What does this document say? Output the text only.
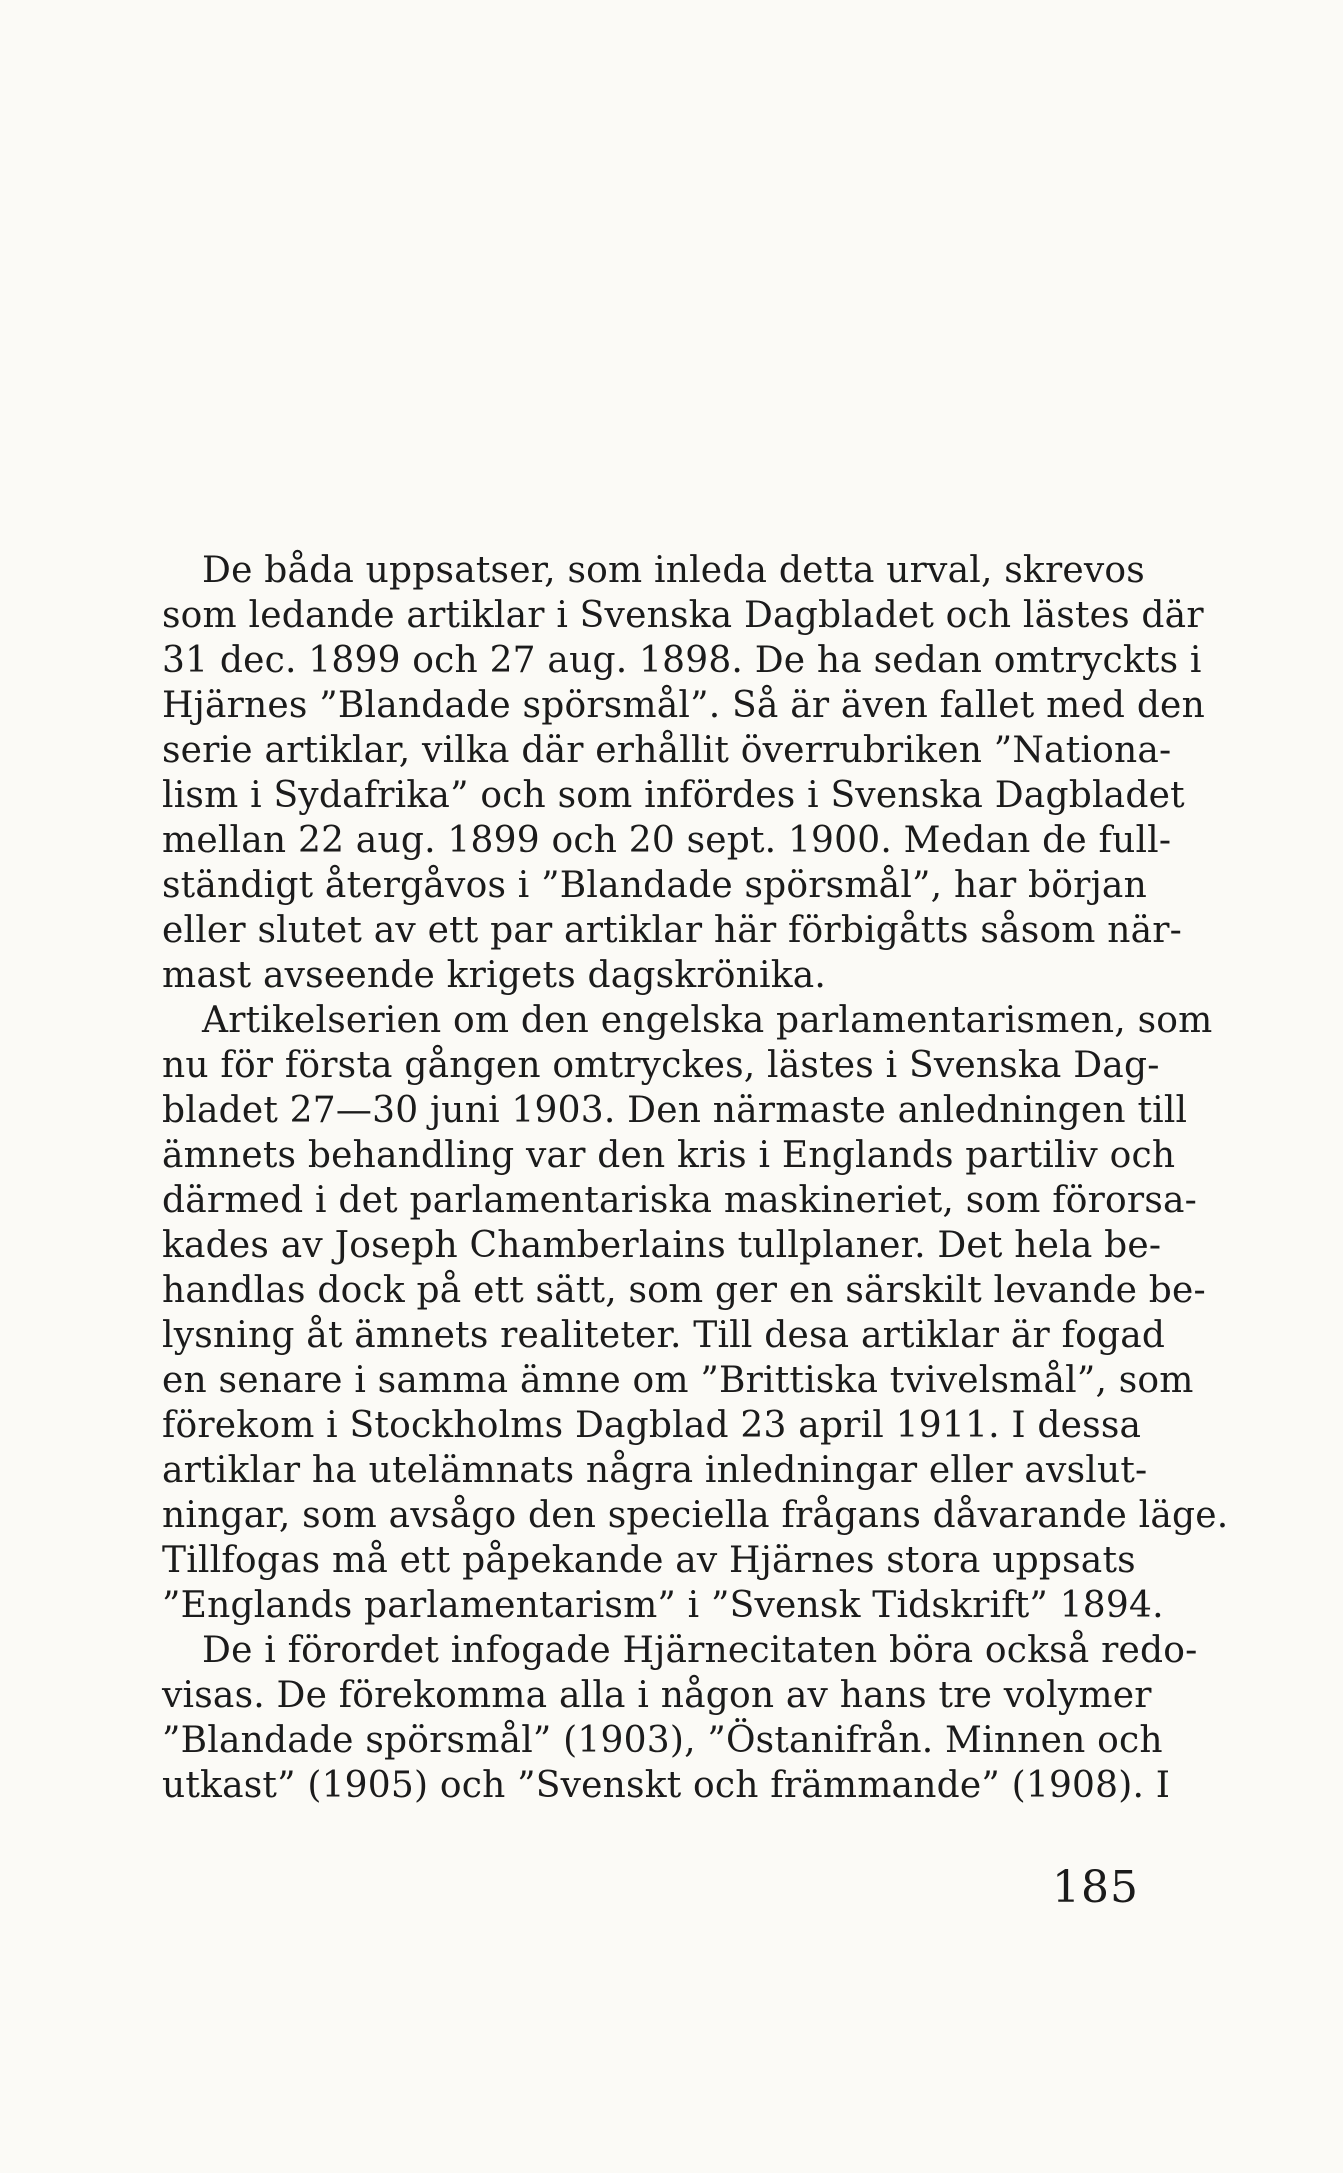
De båda uppsatser, som inleda detta urval, skrevos
som ledande artiklar i Svenska Dagbladet och lästes där
31 dec. 1899 och 27 aug. 1898. De ha sedan omtryckts i
Hjärnes ”Blandade spörsmål”. Så är även fallet med den
serie artiklar, vilka där erhållit överrubriken ”Nationa-
lism i Sydafrika” och som infördes i Svenska Dagbladet
mellan 22 aug. 1899 och 20 sept. 1900. Medan de full-
ständigt återgåvos i ”Blandade spörsmål”, har början
eller slutet av ett par artiklar här förbigåtts såsom när-
mast avseende krigets dagskrönika.
Artikelserien om den engelska parlamentarismen, som
nu för första gången omtryckes, lästes i Svenska Dag-
bladet 27—30 juni 1903. Den närmaste anledningen till
ämnets behandling var den kris i Englands partiliv och
därmed i det parlamentariska maskineriet, som förorsa-
kades av Joseph Chamberlains tullplaner. Det hela be-
handlas dock på ett sätt, som ger en särskilt levande be-
lysning åt ämnets realiteter. Till desa artiklar är fogad
en senare i samma ämne om ”Brittiska tvivelsmål”, som
förekom i Stockholms Dagblad 23 april 1911. I dessa
artiklar ha utelämnats några inledningar eller avslut-
ningar, som avsågo den speciella frågans dåvarande läge.
Tillfogas må ett påpekande av Hjärnes stora uppsats
”Englands parlamentarism” i ”Svensk Tidskrift” 1894.
De i förordet infogade Hjärnecitaten böra också redo-
visas. De förekomma alla i någon av hans tre volymer
”Blandade spörsmål” (1903), ”Östanifrån. Minnen och
utkast” (1905) och ”Svenskt och främmande” (1908). I
185
